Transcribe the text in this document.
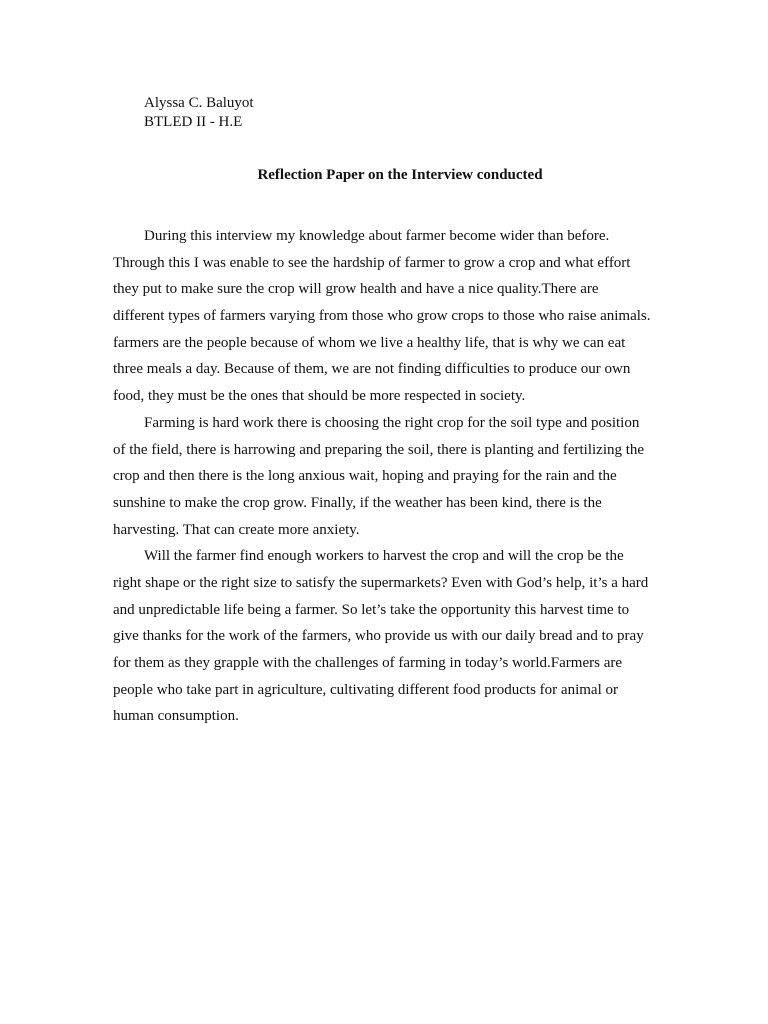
Alyssa C. Baluyot
BTLED II - H.E
Reflection Paper on the Interview conducted
During this interview my knowledge about farmer become wider than before.
Through this I was enable to see the hardship of farmer to grow a crop and what effort
they put to make sure the crop will grow health and have a nice quality.There are
different types of farmers varying from those who grow crops to those who raise animals.
farmers are the people because of whom we live a healthy life, that is why we can eat
three meals a day. Because of them, we are not finding difficulties to produce our own
food, they must be the ones that should be more respected in society.
Farming is hard work there is choosing the right crop for the soil type and position
of the field, there is harrowing and preparing the soil, there is planting and fertilizing the
crop and then there is the long anxious wait, hoping and praying for the rain and the
sunshine to make the crop grow. Finally, if the weather has been kind, there is the
harvesting. That can create more anxiety.
Will the farmer find enough workers to harvest the crop and will the crop be the
right shape or the right size to satisfy the supermarkets? Even with God’s help, it’s a hard
and unpredictable life being a farmer. So let’s take the opportunity this harvest time to
give thanks for the work of the farmers, who provide us with our daily bread and to pray
for them as they grapple with the challenges of farming in today’s world.Farmers are
people who take part in agriculture, cultivating different food products for animal or
human consumption.
